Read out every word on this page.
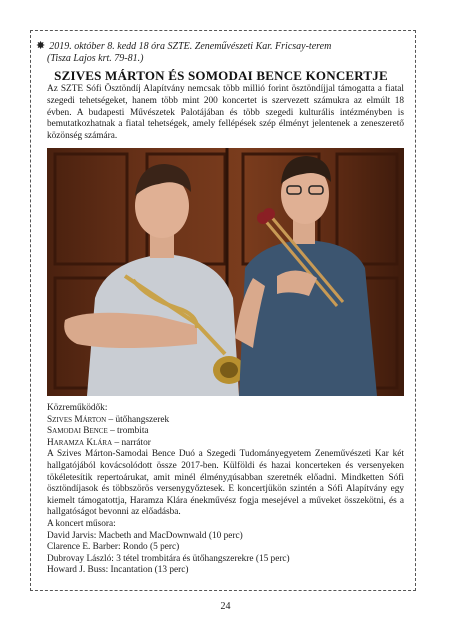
✸ 2019. október 8. kedd 18 óra SZTE. Zeneművészeti Kar. Fricsay-terem
(Tisza Lajos krt. 79-81.)
SZIVES MÁRTON ÉS SOMODAI BENCE KONCERTJE
Az SZTE Sófi Ösztöndíj Alapítvány nemcsak több millió forint ösztöndíjjal támogatta a fiatal szegedi tehetségeket, hanem több mint 200 koncertet is szervezett számukra az elmúlt 18 évben. A budapesti Művészetek Palotájában és több szegedi kulturális intézményben is bemutatkozhatnak a fiatal tehetségek, amely fellépések szép élményt jelentenek a zeneszerető közönség számára.
Közreműködők:
Szives Márton – ütőhangszerek
Samodai Bence – trombita
Haramza Klára – narrátor
A Szives Márton-Samodai Bence Duó a Szegedi Tudományegyetem Zeneművészeti Kar két hallgatójából kovácsolódott össze 2017-ben. Külföldi és hazai koncerteken és versenyeken tökéletesítik repertoárukat, amit minél élményдúsabban szeretnék előadni. Mindketten Sófi ösztöndíjasok és többszörös versenygyőztesek. E koncertjükön szintén a Sófi Alapítvány egy kiemelt támogatottja, Haramza Klára énekművész fogja mesejével a műveket összekötni, és a hallgatóságot bevonni az előadásba.
A koncert műsora:
David Jarvis: Macbeth and MacDownwald (10 perc)
Clarence E. Barber: Rondo (5 perc)
Dubrovay László: 3 tétel trombitára és ütőhangszerekre (15 perc)
Howard J. Buss: Incantation (13 perc)
24
